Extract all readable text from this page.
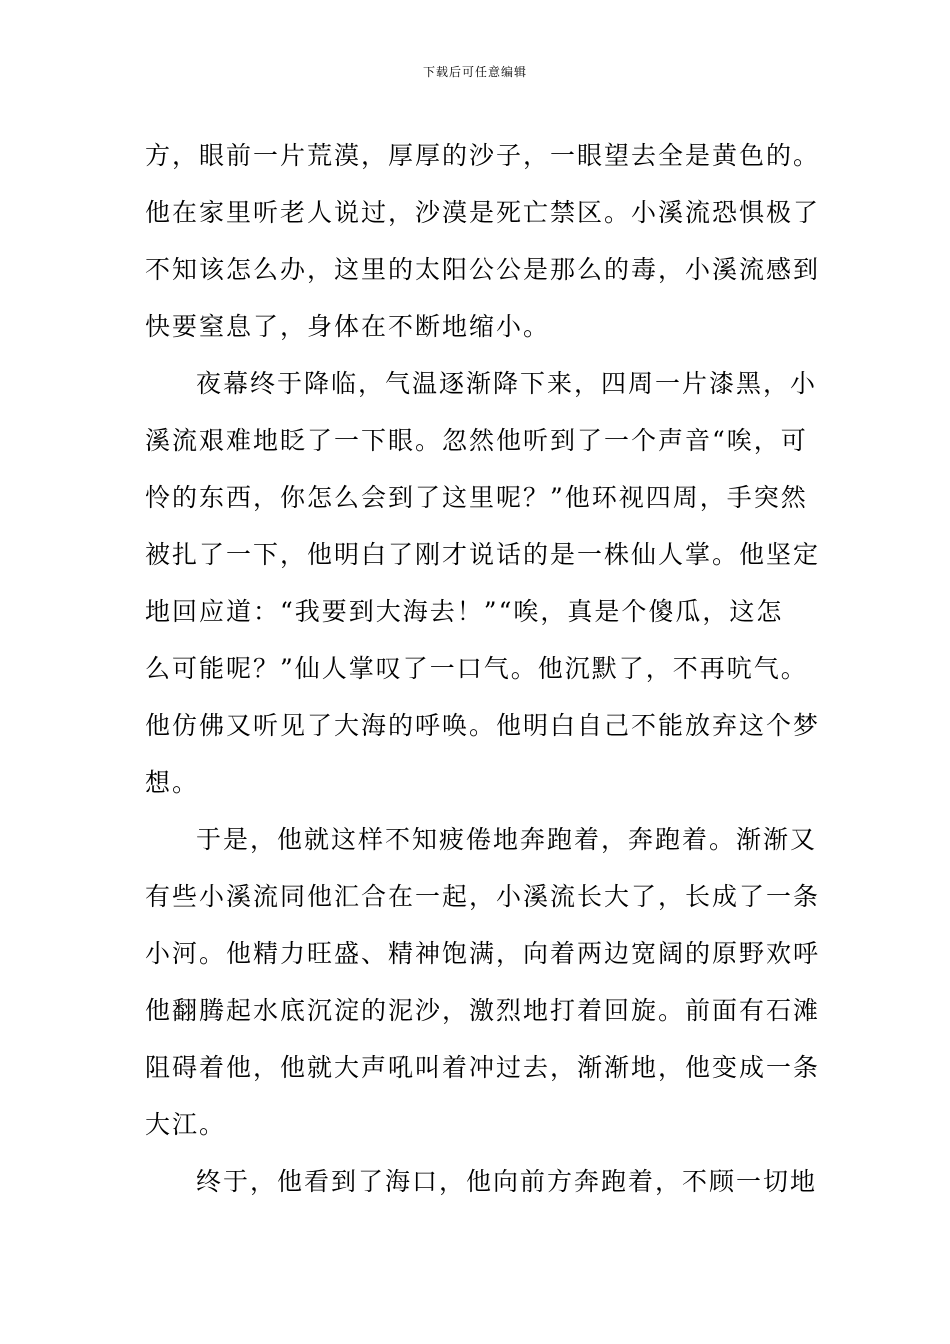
下载后可任意编辑
方，眼前一片荒漠，厚厚的沙子，一眼望去全是黄色的。
他在家里听老人说过，沙漠是死亡禁区。小溪流恐惧极了
不知该怎么办，这里的太阳公公是那么的毒，小溪流感到
快要窒息了，身体在不断地缩小。
夜幕终于降临，气温逐渐降下来，四周一片漆黑，小
溪流艰难地眨了一下眼。忽然他听到了一个声音“唉，可
怜的东西，你怎么会到了这里呢？”他环视四周，手突然
被扎了一下，他明白了刚才说话的是一株仙人掌。他坚定
地回应道：“我要到大海去！”“唉，真是个傻瓜，这怎
么可能呢？”仙人掌叹了一口气。他沉默了，不再吭气。
他仿佛又听见了大海的呼唤。他明白自己不能放弃这个梦
想。
于是，他就这样不知疲倦地奔跑着，奔跑着。渐渐又
有些小溪流同他汇合在一起，小溪流长大了，长成了一条
小河。他精力旺盛、精神饱满，向着两边宽阔的原野欢呼
他翻腾起水底沉淀的泥沙，激烈地打着回旋。前面有石滩
阻碍着他，他就大声吼叫着冲过去，渐渐地，他变成一条
大江。
终于，他看到了海口，他向前方奔跑着，不顾一切地
